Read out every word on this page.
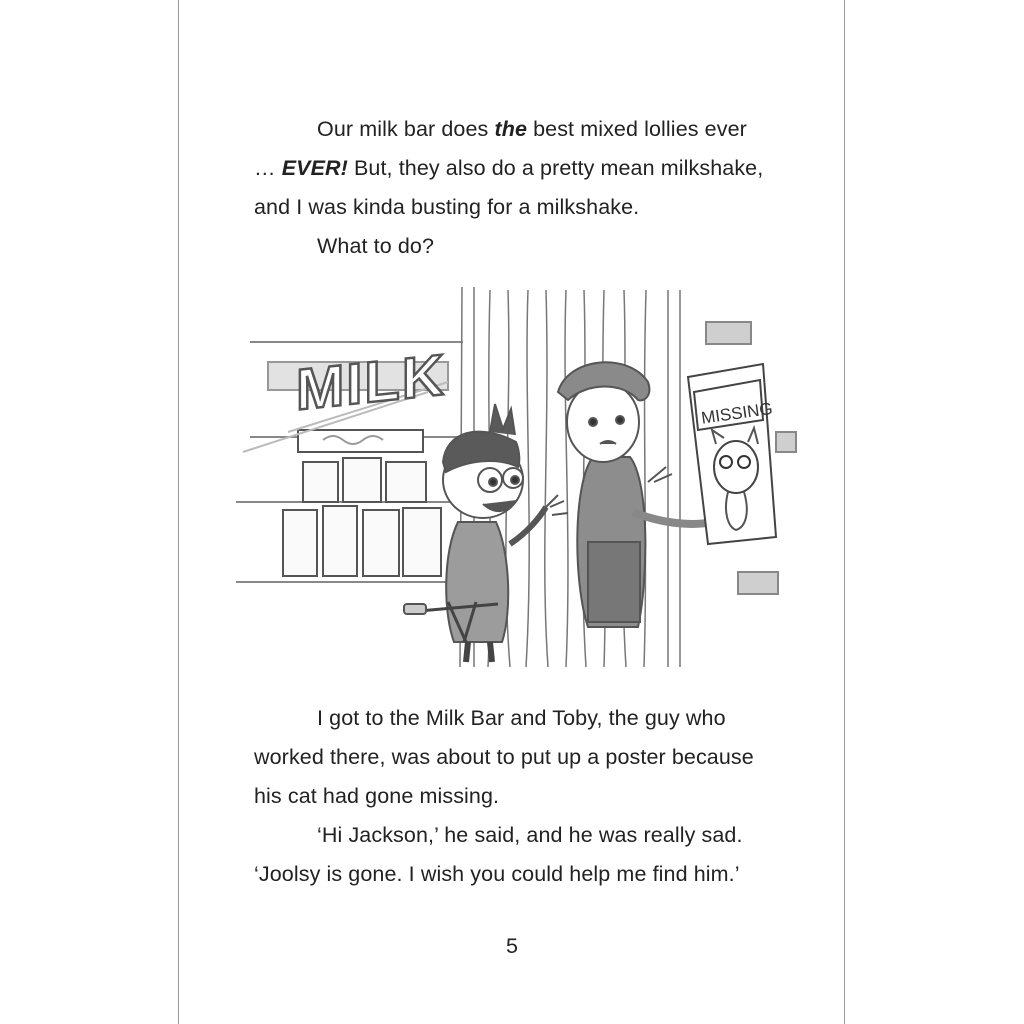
Our milk bar does the best mixed lollies ever
… EVER! But, they also do a pretty mean milkshake,
and I was kinda busting for a milkshake.
What to do?
MILK	MISSING
I got to the Milk Bar and Toby, the guy who
worked there, was about to put up a poster because
his cat had gone missing.
‘Hi Jackson,’ he said, and he was really sad.
‘Joolsy is gone. I wish you could help me find him.’
5
